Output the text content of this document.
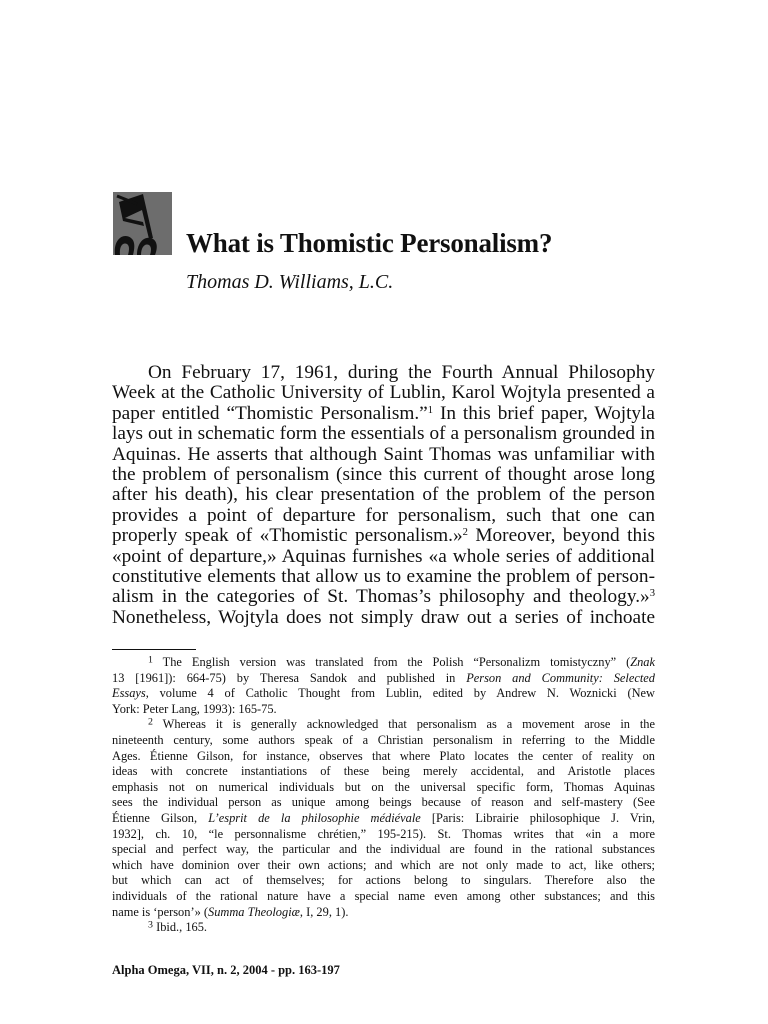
What is Thomistic Personalism?

Thomas D. Williams, L.C.

On February 17, 1961, during the Fourth Annual Philosophy
Week at the Catholic University of Lublin, Karol Wojtyla presented a
paper entitled “Thomistic Personalism.”$^1$ In this brief paper, Wojtyla
lays out in schematic form the essentials of a personalism grounded in
Aquinas. He asserts that although Saint Thomas was unfamiliar with
the problem of personalism (since this current of thought arose long
after his death), his clear presentation of the problem of the person
provides a point of departure for personalism, such that one can
properly speak of «Thomistic personalism.»$^2$ Moreover, beyond this
«point of departure,» Aquinas furnishes «a whole series of additional
constitutive elements that allow us to examine the problem of person-
alism in the categories of St. Thomas’s philosophy and theology.»$^3$
Nonetheless, Wojtyla does not simply draw out a series of inchoate
$^1$ The English version was translated from the Polish “Personalizm tomistyczny” (Znak
13 [1961]): 664-75) by Theresa Sandok and published in Person and Community: Selected
Essays, volume 4 of Catholic Thought from Lublin, edited by Andrew N. Woznicki (New
York: Peter Lang, 1993): 165-75.
$^2$ Whereas it is generally acknowledged that personalism as a movement arose in the
nineteenth century, some authors speak of a Christian personalism in referring to the Middle
Ages. Étienne Gilson, for instance, observes that where Plato locates the center of reality on
ideas with concrete instantiations of these being merely accidental, and Aristotle places
emphasis not on numerical individuals but on the universal specific form, Thomas Aquinas
sees the individual person as unique among beings because of reason and self-mastery (See
Étienne Gilson, L’esprit de la philosophie médiévale [Paris: Librairie philosophique J. Vrin,
1932], ch. 10, “le personnalisme chrétien,” 195-215). St. Thomas writes that «in a more
special and perfect way, the particular and the individual are found in the rational substances
which have dominion over their own actions; and which are not only made to act, like others;
but which can act of themselves; for actions belong to singulars. Therefore also the
individuals of the rational nature have a special name even among other substances; and this
name is ‘person’» (Summa Theologiæ, I, 29, 1).
$^3$ Ibid., 165.
Alpha Omega, VII, n. 2, 2004 - pp. 163-197
